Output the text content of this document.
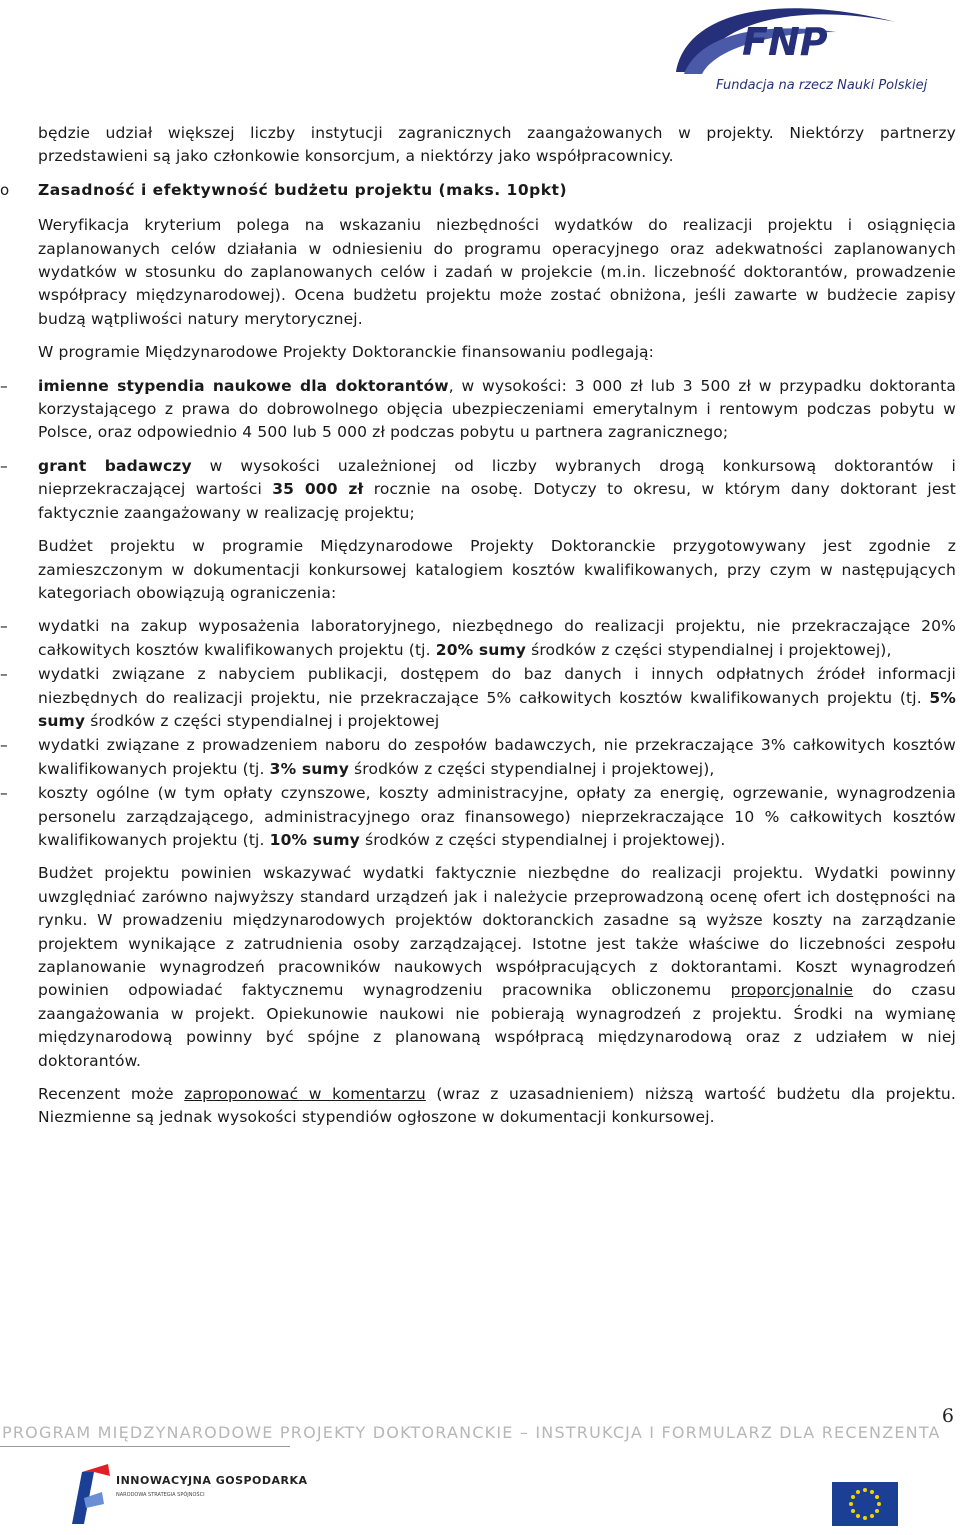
FNP
Fundacja na rzecz Nauki Polskiej

będzie udział większej liczby instytucji zagranicznych zaangażowanych w projekty. Niektórzy partnerzy przedstawieni są jako członkowie konsorcjum, a niektórzy jako współpracownicy.

o Zasadność i efektywność budżetu projektu (maks. 10pkt)

Weryfikacja kryterium polega na wskazaniu niezbędności wydatków do realizacji projektu i osiągnięcia zaplanowanych celów działania w odniesieniu do programu operacyjnego oraz adekwatności zaplanowanych wydatków w stosunku do zaplanowanych celów i zadań w projekcie (m.in. liczebność doktorantów, prowadzenie współpracy międzynarodowej). Ocena budżetu projektu może zostać obniżona, jeśli zawarte w budżecie zapisy budzą wątpliwości natury merytorycznej.

W programie Międzynarodowe Projekty Doktoranckie finansowaniu podlegają:

– imienne stypendia naukowe dla doktorantów, w wysokości: 3 000 zł lub 3 500 zł w przypadku doktoranta korzystającego z prawa do dobrowolnego objęcia ubezpieczeniami emerytalnym i rentowym podczas pobytu w Polsce, oraz odpowiednio 4 500 lub 5 000 zł podczas pobytu u partnera zagranicznego;
– grant badawczy w wysokości uzależnionej od liczby wybranych drogą konkursową doktorantów i nieprzekraczającej wartości 35 000 zł rocznie na osobę. Dotyczy to okresu, w którym dany doktorant jest faktycznie zaangażowany w realizację projektu;

Budżet projektu w programie Międzynarodowe Projekty Doktoranckie przygotowywany jest zgodnie z zamieszczonym w dokumentacji konkursowej katalogiem kosztów kwalifikowanych, przy czym w następujących kategoriach obowiązują ograniczenia:

– wydatki na zakup wyposażenia laboratoryjnego, niezbędnego do realizacji projektu, nie przekraczające 20% całkowitych kosztów kwalifikowanych projektu (tj. 20% sumy środków z części stypendialnej i projektowej),
– wydatki związane z nabyciem publikacji, dostępem do baz danych i innych odpłatnych źródeł informacji niezbędnych do realizacji projektu, nie przekraczające 5% całkowitych kosztów kwalifikowanych projektu (tj. 5% sumy środków z części stypendialnej i projektowej
– wydatki związane z prowadzeniem naboru do zespołów badawczych, nie przekraczające 3% całkowitych kosztów kwalifikowanych projektu (tj. 3% sumy środków z części stypendialnej i projektowej),
– koszty ogólne (w tym opłaty czynszowe, koszty administracyjne, opłaty za energię, ogrzewanie, wynagrodzenia personelu zarządzającego, administracyjnego oraz finansowego) nieprzekraczające 10 % całkowitych kosztów kwalifikowanych projektu (tj. 10% sumy środków z części stypendialnej i projektowej).

Budżet projektu powinien wskazywać wydatki faktycznie niezbędne do realizacji projektu. Wydatki powinny uwzględniać zarówno najwyższy standard urządzeń jak i należycie przeprowadzoną ocenę ofert ich dostępności na rynku. W prowadzeniu międzynarodowych projektów doktoranckich zasadne są wyższe koszty na zarządzanie projektem wynikające z zatrudnienia osoby zarządzającej. Istotne jest także właściwe do liczebności zespołu zaplanowanie wynagrodzeń pracowników naukowych współpracujących z doktorantami. Koszt wynagrodzeń powinien odpowiadać faktycznemu wynagrodzeniu pracownika obliczonemu proporcjonalnie do czasu zaangażowania w projekt. Opiekunowie naukowi nie pobierają wynagrodzeń z projektu. Środki na wymianę międzynarodową powinny być spójne z planowaną współpracą międzynarodową oraz z udziałem w niej doktorantów.

Recenzent może zaproponować w komentarzu (wraz z uzasadnieniem) niższą wartość budżetu dla projektu. Niezmienne są jednak wysokości stypendiów ogłoszone w dokumentacji konkursowej.

6
PROGRAM MIĘDZYNARODOWE PROJEKTY DOKTORANCKIE – INSTRUKCJA I FORMULARZ DLA RECENZENTA
INNOWACYJNA GOSPODARKA
NARODOWA STRATEGIA SPÓJNOŚCI
